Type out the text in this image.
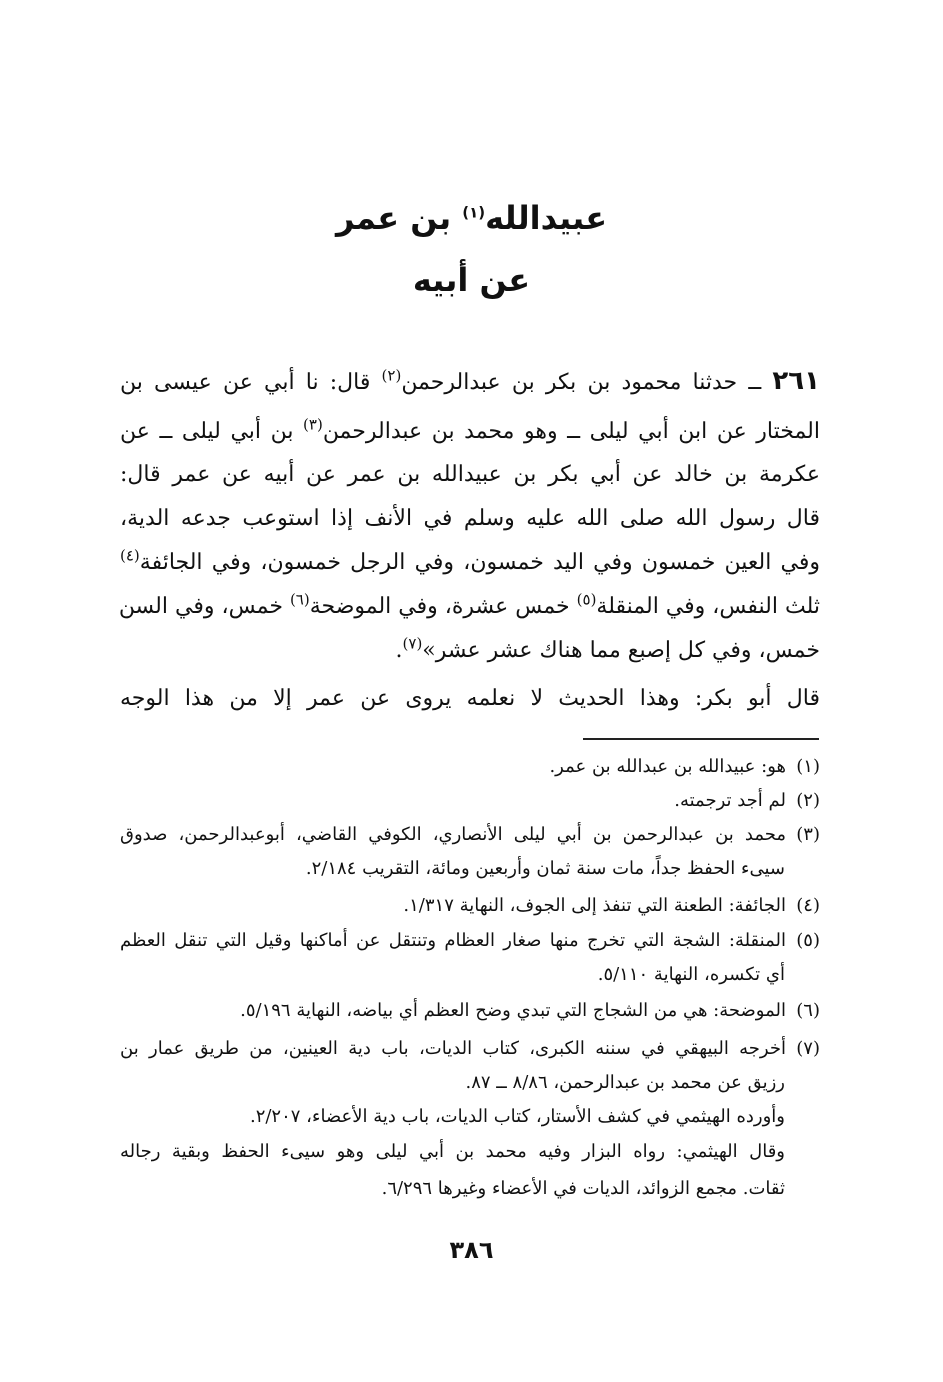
عبيدالله$^{(١)}$ بن عمر
عن أبيه
٢٦١ ــ حدثنا محمود بن بكر بن عبدالرحمن$^{(٢)}$ قال: نا أبي عن عيسى بن
المختار عن ابن أبي ليلى ــ وهو محمد بن عبدالرحمن$^{(٣)}$ بن أبي ليلى ــ عن
عكرمة بن خالد عن أبي بكر بن عبيدالله بن عمر عن أبيه عن عمر قال:
قال رسول الله صلى الله عليه وسلم في الأنف إذا استوعب جدعه الدية،
وفي العين خمسون وفي اليد خمسون، وفي الرجل خمسون، وفي الجائفة$^{(٤)}$
ثلث النفس، وفي المنقلة$^{(٥)}$ خمس عشرة، وفي الموضحة$^{(٦)}$ خمس، وفي السن
خمس، وفي كل إصبع مما هناك عشر عشر»$^{(٧)}$.
قال أبو بكر: وهذا الحديث لا نعلمه يروى عن عمر إلا من هذا الوجه
(١)هو: عبيدالله بن عبدالله بن عمر.
(٢)لم أجد ترجمته.
(٣)محمد بن عبدالرحمن بن أبي ليلى الأنصاري، الكوفي القاضي، أبوعبدالرحمن، صدوق
سيىء الحفظ جداً، مات سنة ثمان وأربعين ومائة، التقريب ٢/١٨٤.
(٤)الجائفة: الطعنة التي تنفذ إلى الجوف، النهاية ١/٣١٧.
(٥)المنقلة: الشجة التي تخرج منها صغار العظام وتنتقل عن أماكنها وقيل التي تنقل العظم
أي تكسره، النهاية ٥/١١٠.
(٦)الموضحة: هي من الشجاج التي تبدي وضح العظم أي بياضه، النهاية ٥/١٩٦.
(٧)أخرجه البيهقي في سننه الكبرى، كتاب الديات، باب دية العينين، من طريق عمار بن
رزيق عن محمد بن عبدالرحمن، ٨/٨٦ ــ ٨٧.
وأورده الهيثمي في كشف الأستار، كتاب الديات، باب دية الأعضاء، ٢/٢٠٧.
وقال الهيثمي: رواه البزار وفيه محمد بن أبي ليلى وهو سيىء الحفظ وبقية رجاله
ثقات. مجمع الزوائد، الديات في الأعضاء وغيرها ٦/٢٩٦.
٣٨٦
